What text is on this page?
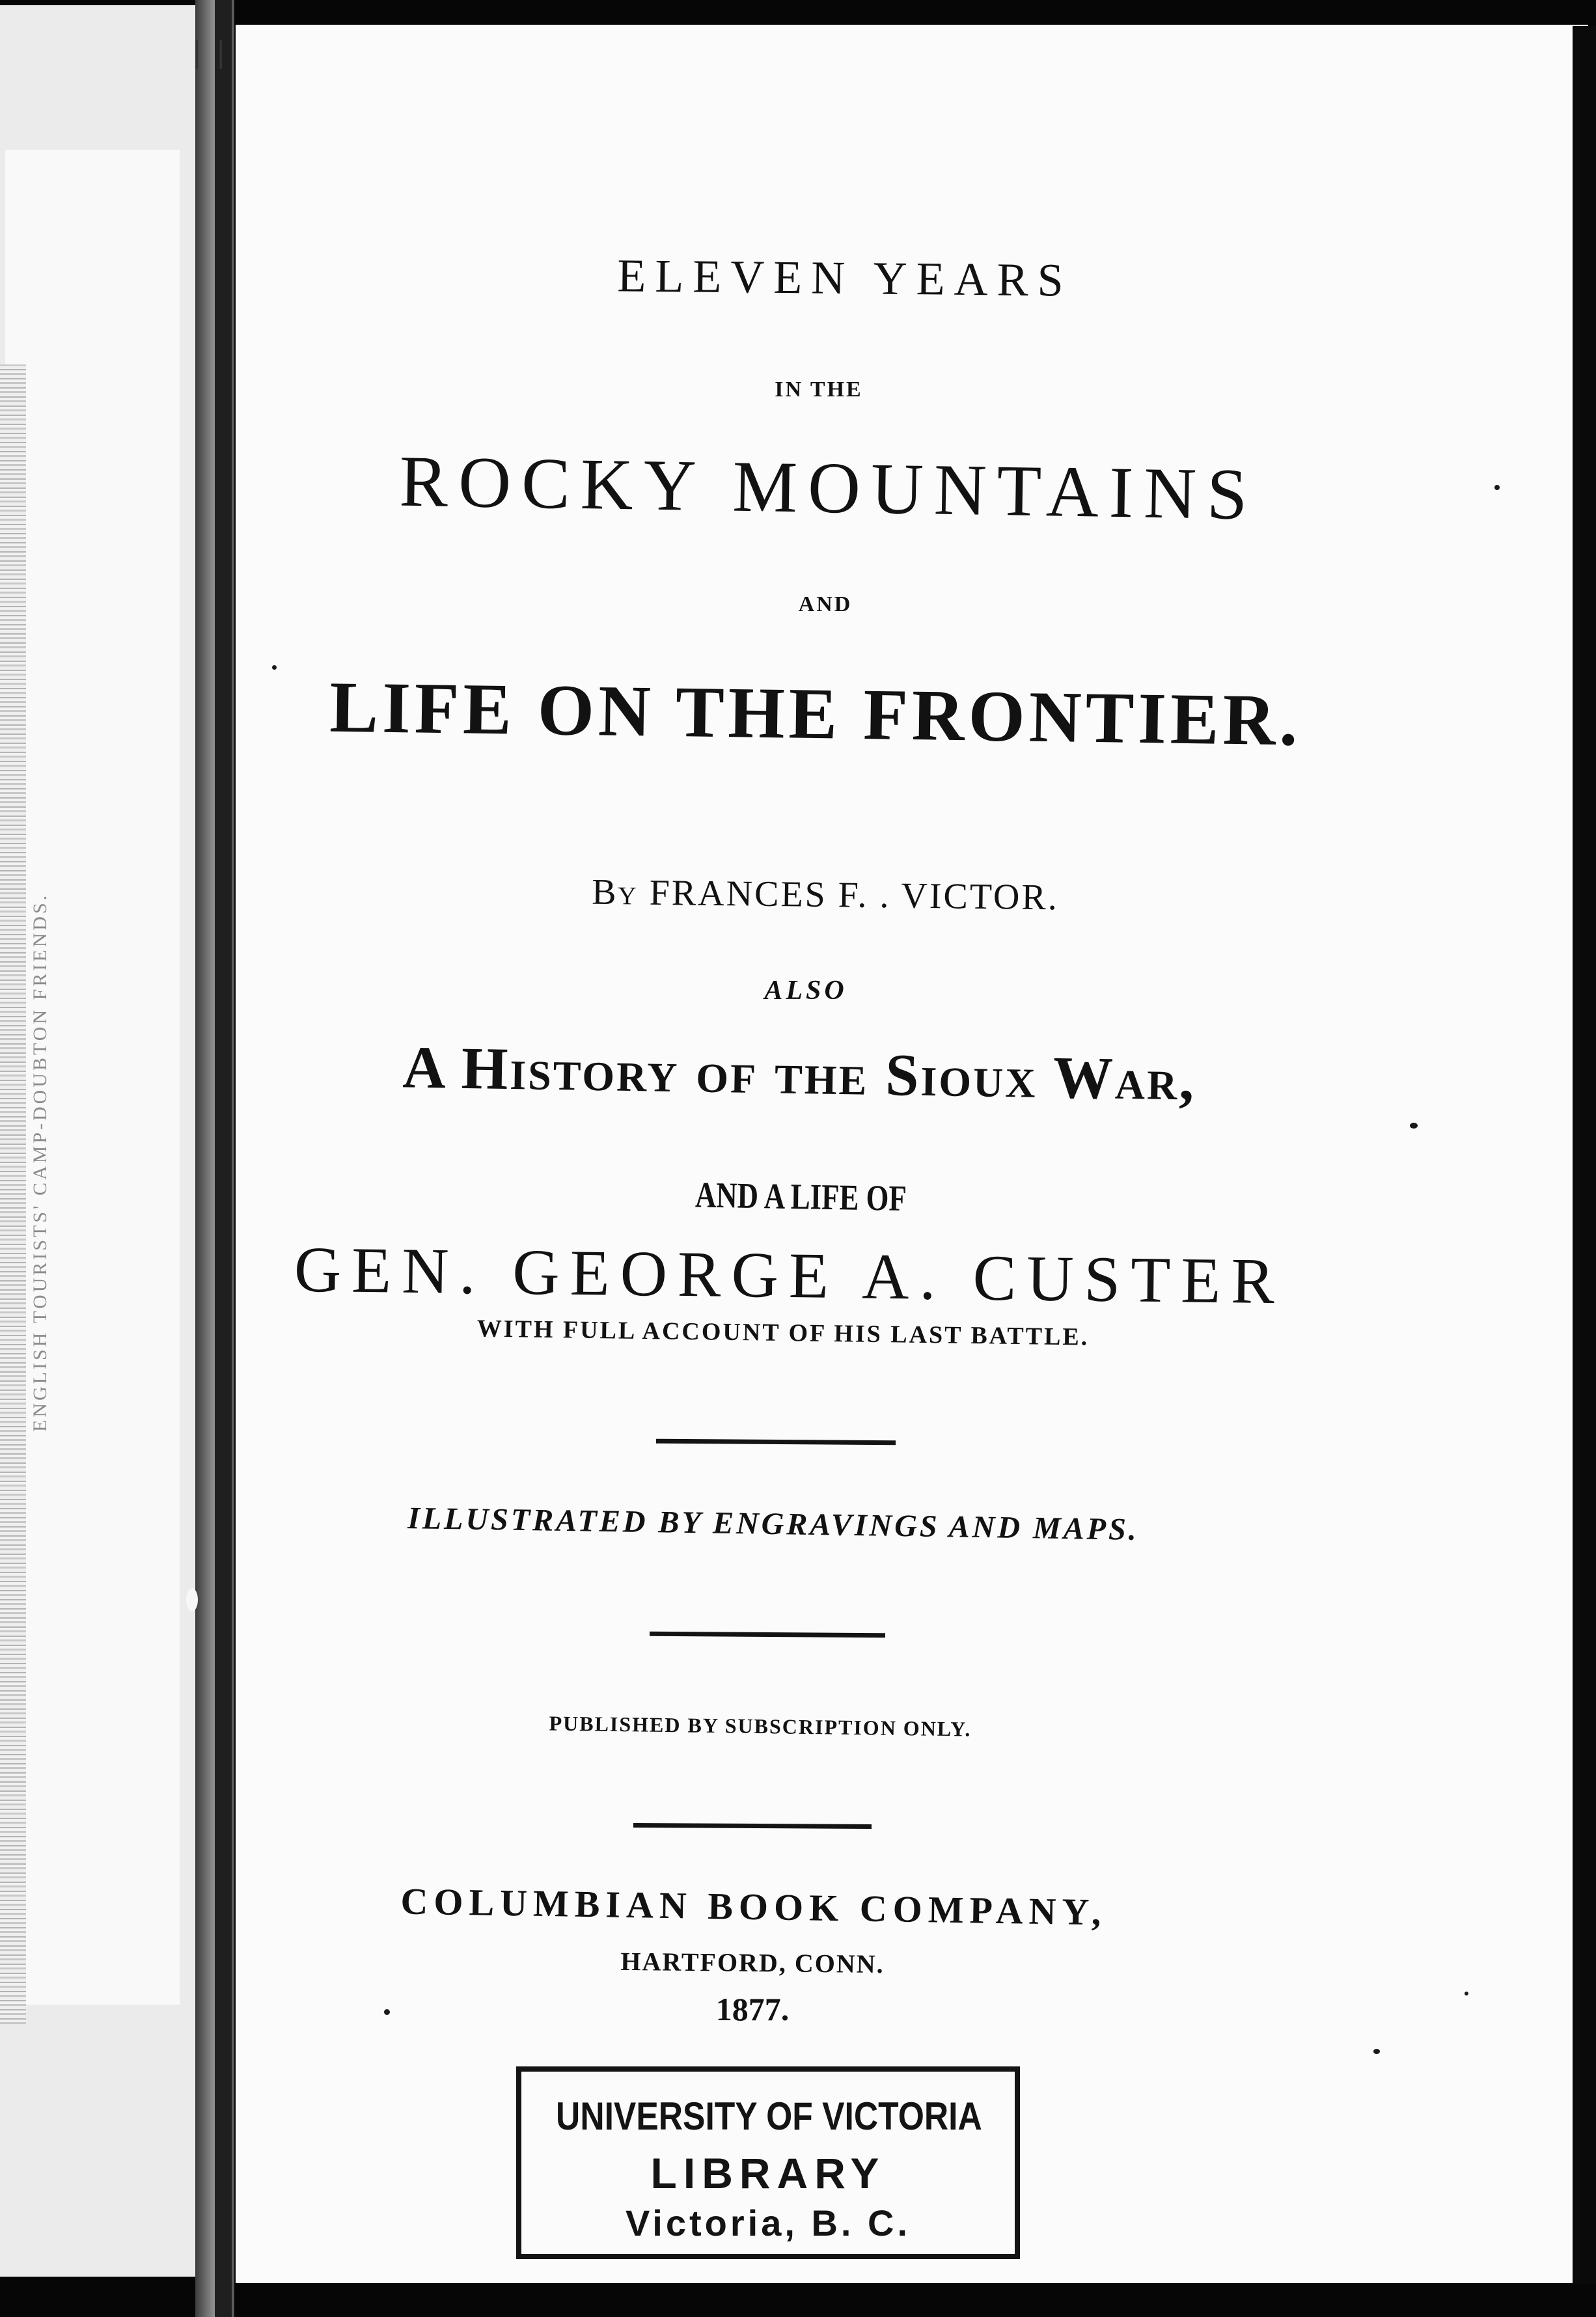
ENGLISH TOURISTS' CAMP-DOUBTON FRIENDS.
❘❘
ELEVEN YEARS
IN THE
ROCKY MOUNTAINS
AND
LIFE ON THE FRONTIER.
By FRANCES F. . VICTOR.
ALSO
A History of the Sioux War,
AND A LIFE OF
GEN. GEORGE A. CUSTER
WITH FULL ACCOUNT OF HIS LAST BATTLE.
ILLUSTRATED BY ENGRAVINGS AND MAPS.
PUBLISHED BY SUBSCRIPTION ONLY.
COLUMBIAN BOOK COMPANY,
HARTFORD, CONN.
1877.
UNIVERSITY OF VICTORIA
LIBRARY
Victoria, B. C.
